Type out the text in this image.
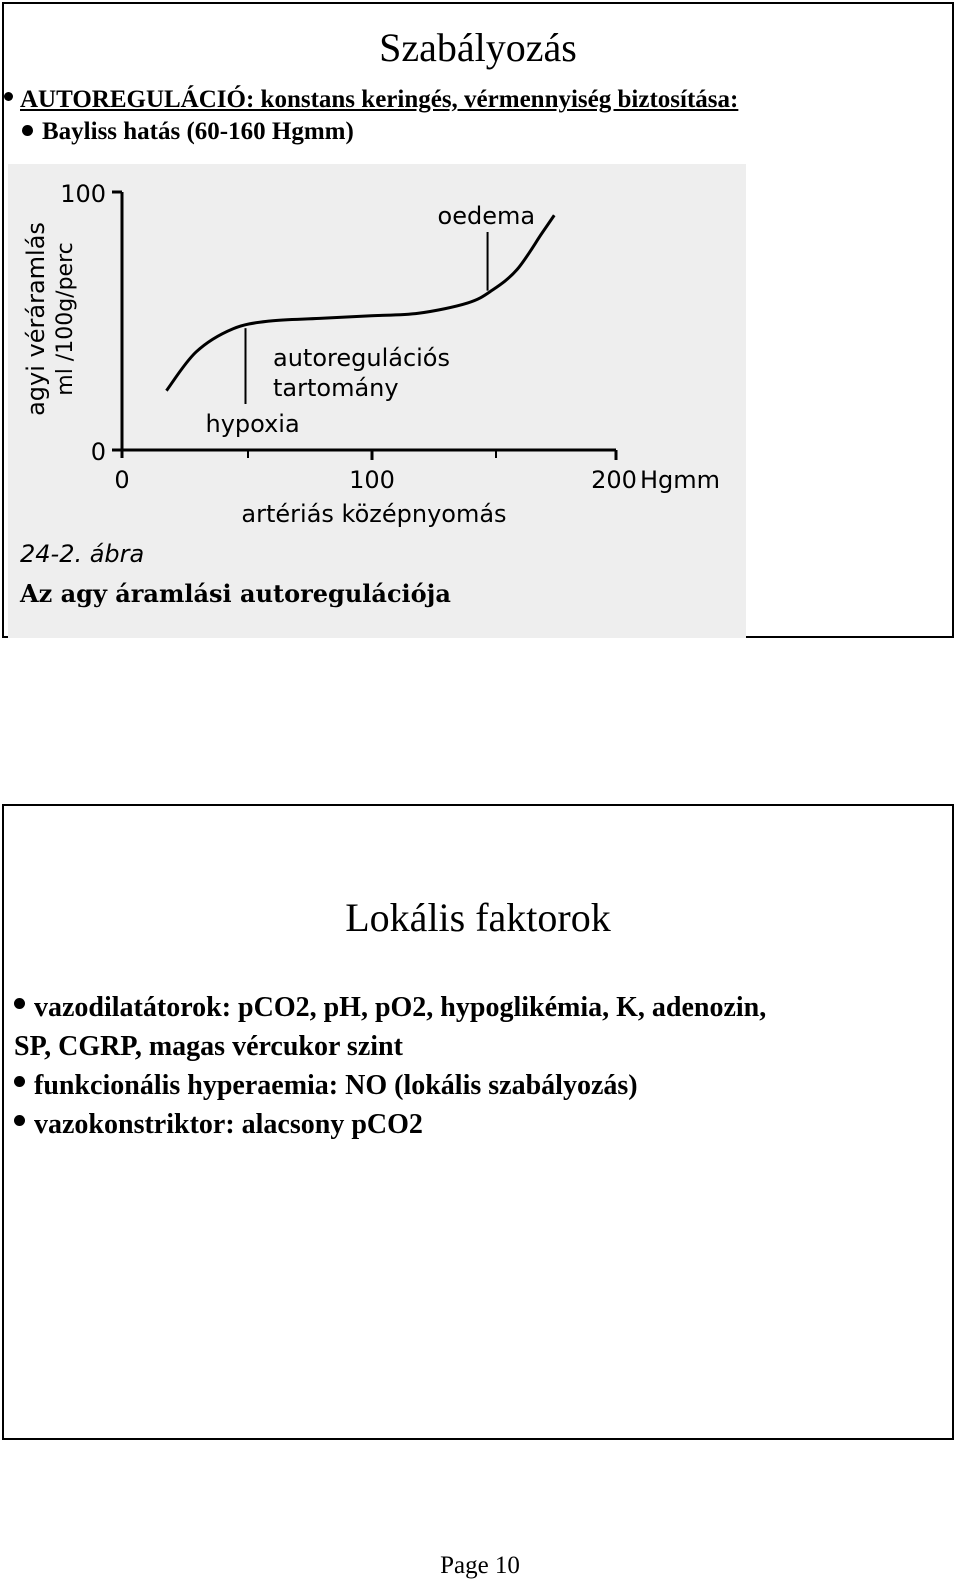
Szabályozás
AUTOREGULÁCIÓ: konstans keringés, vérmennyiség biztosítása:
Bayliss hatás (60-160 Hgmm)
100
0
0	100	200 Hgmm
artériás középnyomás
agyi véráramlás ml /100g/perc
hypoxia
autoregulációs
tartomány
oedema
24-2. ábra
Az agy áramlási autoregulációja
Lokális faktorok
vazodilatátorok: pCO2, pH, pO2, hypoglikémia, K, adenozin,
SP, CGRP, magas vércukor szint
funkcionális hyperaemia: NO (lokális szabályozás)
vazokonstriktor: alacsony pCO2
Page 10
